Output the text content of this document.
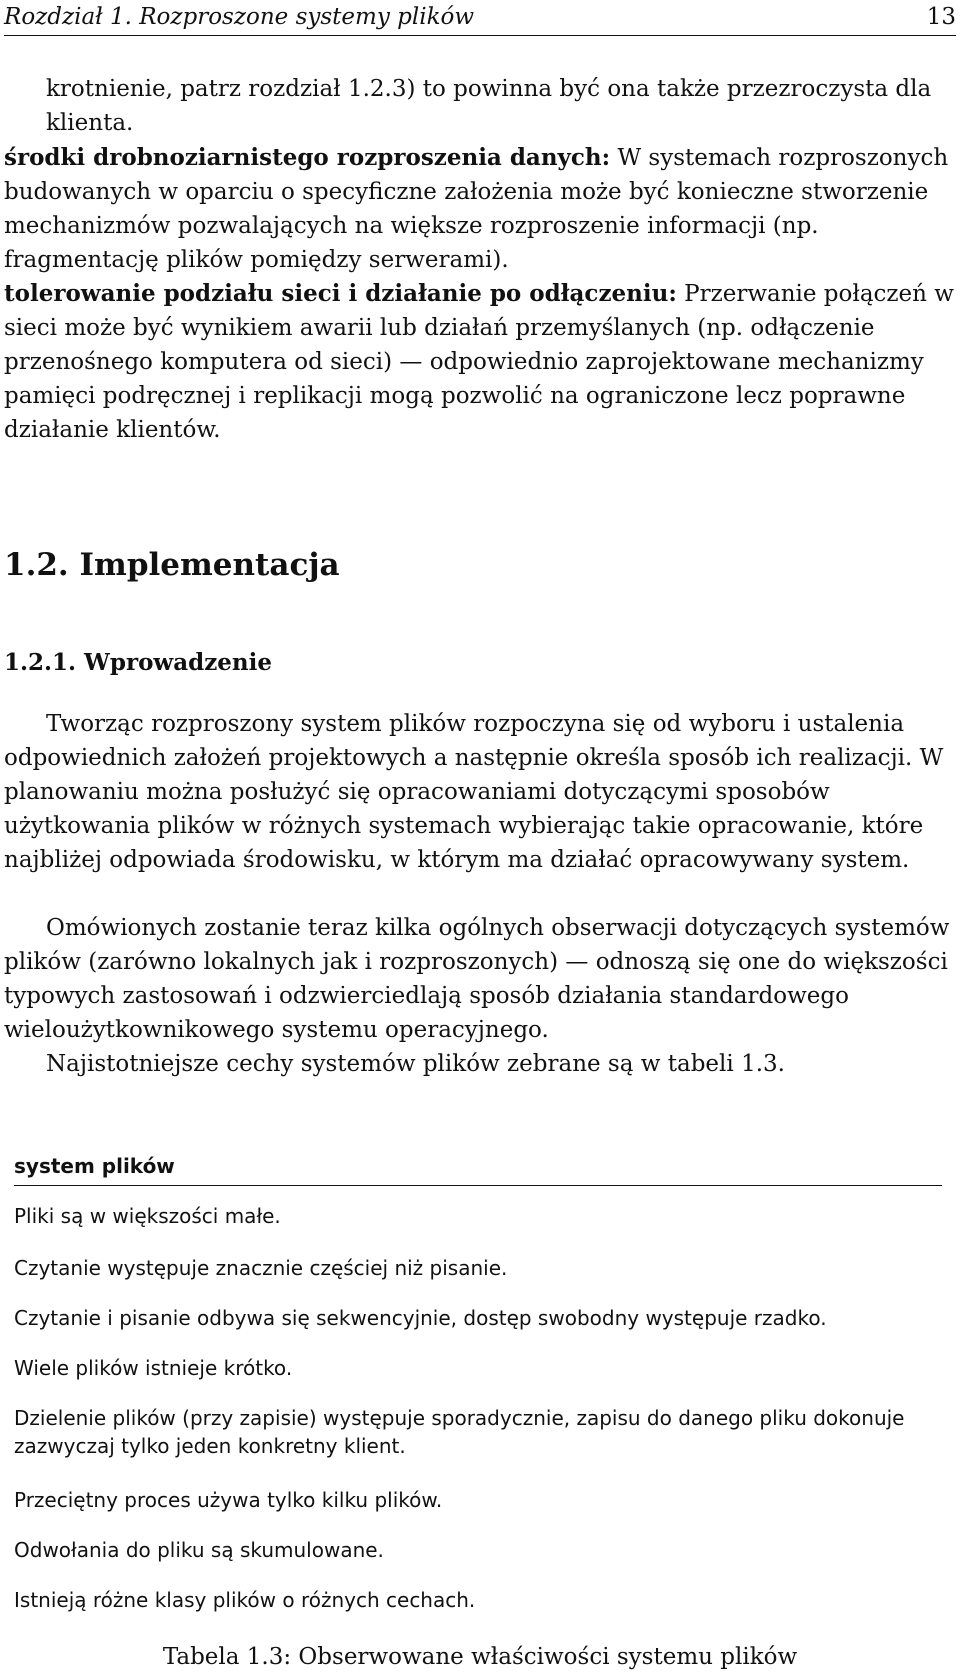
Rozdział 1. Rozproszone systemy plików	13
krotnienie, patrz rozdział 1.2.3) to powinna być ona także przezroczysta dla klienta.
środki drobnoziarnistego rozproszenia danych: W systemach rozproszonych budowanych w oparciu o specyficzne założenia może być konieczne stworzenie mechanizmów pozwalających na większe rozproszenie informacji (np. fragmentację plików pomiędzy serwerami).
tolerowanie podziału sieci i działanie po odłączeniu: Przerwanie połączeń w sieci może być wynikiem awarii lub działań przemyślanych (np. odłączenie przenośnego komputera od sieci) — odpowiednio zaprojektowane mechanizmy pamięci podręcznej i replikacji mogą pozwolić na ograniczone lecz poprawne działanie klientów.
1.2. Implementacja
1.2.1. Wprowadzenie
Tworząc rozproszony system plików rozpoczyna się od wyboru i ustalenia odpowiednich założeń projektowych a następnie określa sposób ich realizacji. W planowaniu można posłużyć się opracowaniami dotyczącymi sposobów użytkowania plików w różnych systemach wybierając takie opracowanie, które najbliżej odpowiada środowisku, w którym ma działać opracowywany system.
Omówionych zostanie teraz kilka ogólnych obserwacji dotyczących systemów plików (zarówno lokalnych jak i rozproszonych) — odnoszą się one do większości typowych zastosowań i odzwierciedlają sposób działania standardowego wieloużytkownikowego systemu operacyjnego.
Najistotniejsze cechy systemów plików zebrane są w tabeli 1.3.
system plików
Pliki są w większości małe.
Czytanie występuje znacznie częściej niż pisanie.
Czytanie i pisanie odbywa się sekwencyjnie, dostęp swobodny występuje rzadko.
Wiele plików istnieje krótko.
Dzielenie plików (przy zapisie) występuje sporadycznie, zapisu do danego pliku dokonuje zazwyczaj tylko jeden konkretny klient.
Przeciętny proces używa tylko kilku plików.
Odwołania do pliku są skumulowane.
Istnieją różne klasy plików o różnych cechach.
Tabela 1.3: Obserwowane właściwości systemu plików
